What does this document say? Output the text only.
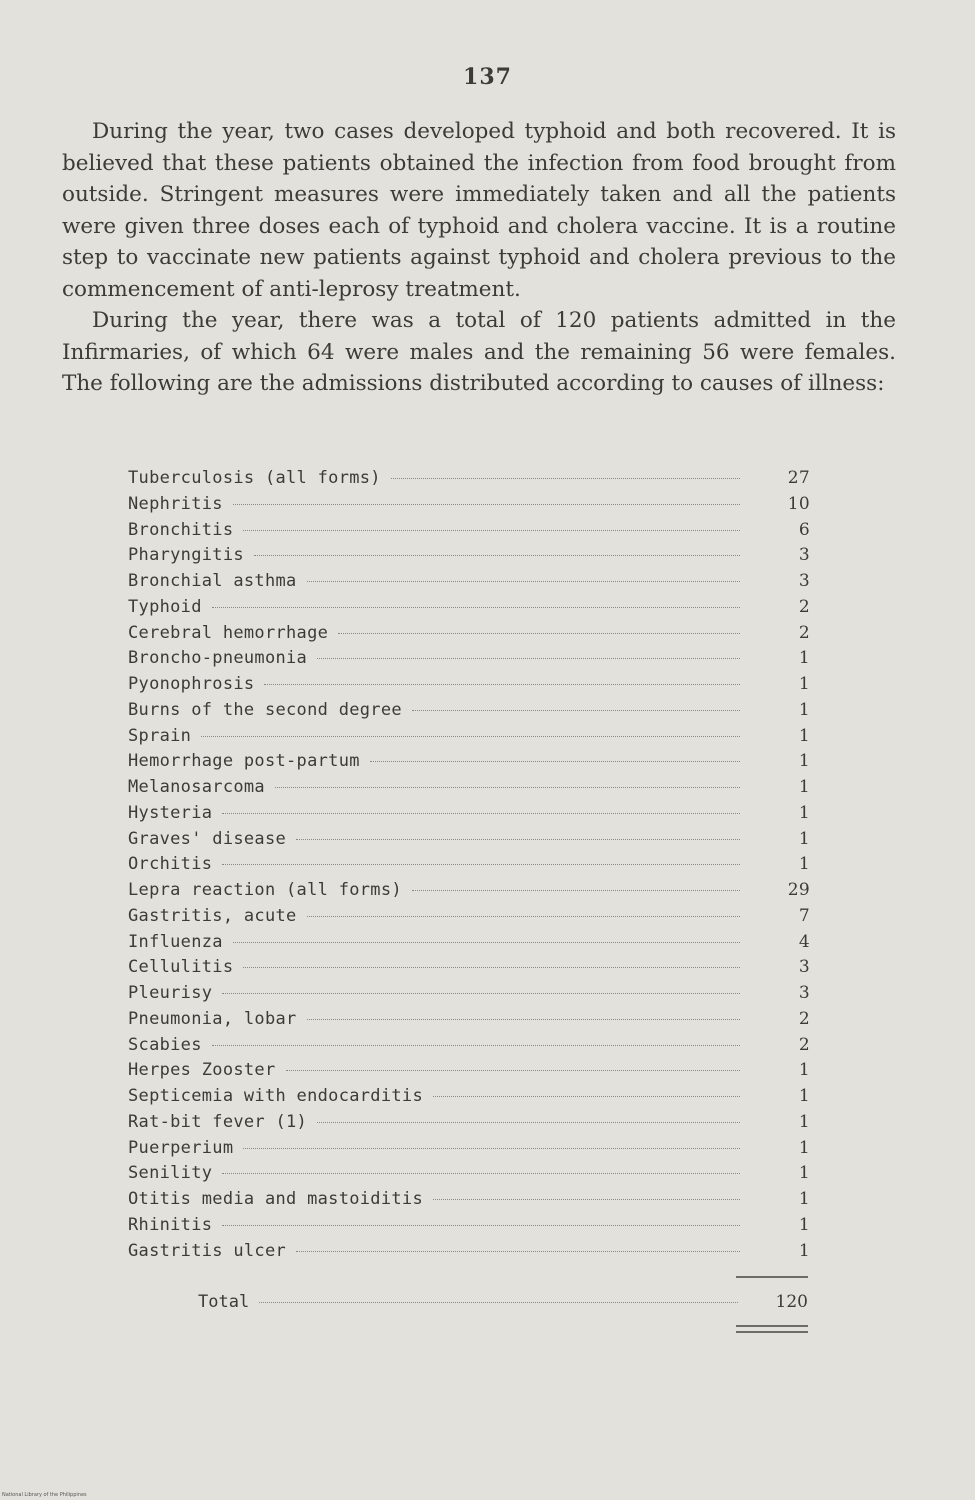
137

During the year, two cases developed typhoid and both recovered. It is believed that these patients obtained the infection from food brought from outside. Stringent measures were immediately taken and all the patients were given three doses each of typhoid and cholera vaccine. It is a routine step to vaccinate new patients against typhoid and cholera previous to the commencement of anti-leprosy treatment.

During the year, there was a total of 120 patients admitted in the Infirmaries, of which 64 were males and the remaining 56 were females. The following are the admissions distributed according to causes of illness:

Tuberculosis (all forms)	27
Nephritis	10
Bronchitis	6
Pharyngitis	3
Bronchial asthma	3
Typhoid	2
Cerebral hemorrhage	2
Broncho-pneumonia	1
Pyonophrosis	1
Burns of the second degree	1
Sprain	1
Hemorrhage post-partum	1
Melanosarcoma	1
Hysteria	1
Graves' disease	1
Orchitis	1
Lepra reaction (all forms)	29
Gastritis, acute	7
Influenza	4
Cellulitis	3
Pleurisy	3
Pneumonia, lobar	2
Scabies	2
Herpes Zooster	1
Septicemia with endocarditis	1
Rat-bit fever (1)	1
Puerperium	1
Senility	1
Otitis media and mastoiditis	1
Rhinitis	1
Gastritis ulcer	1
Total	120
National Library of the Philippines
